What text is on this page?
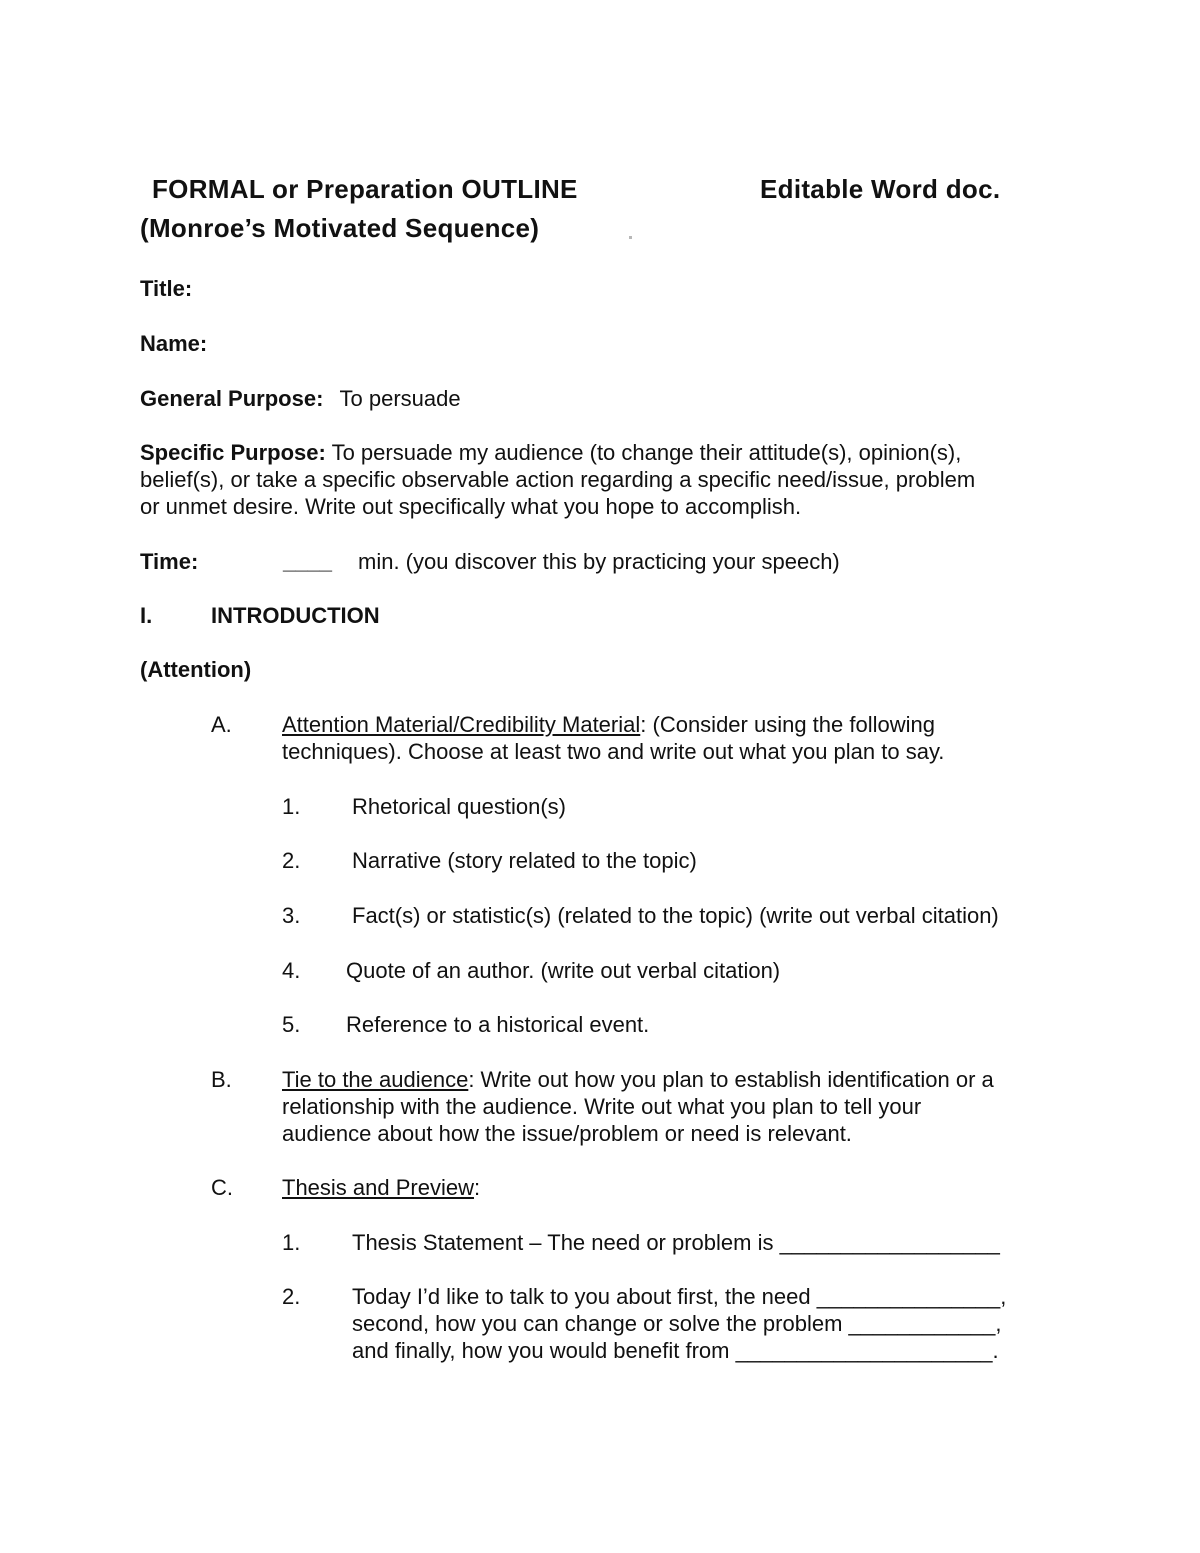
FORMAL or Preparation OUTLINE	Editable Word doc.
(Monroe’s Motivated Sequence)
Title:
Name:
General Purpose: To persuade
Specific Purpose: To persuade my audience (to change their attitude(s), opinion(s),
belief(s), or take a specific observable action regarding a specific need/issue, problem
or unmet desire. Write out specifically what you hope to accomplish.
Time:	____ min. (you discover this by practicing your speech)
I.	INTRODUCTION
(Attention)
A. Attention Material/Credibility Material: (Consider using the following
techniques). Choose at least two and write out what you plan to say.
1. Rhetorical question(s)
2. Narrative (story related to the topic)
3. Fact(s) or statistic(s) (related to the topic) (write out verbal citation)
4. Quote of an author. (write out verbal citation)
5. Reference to a historical event.
B. Tie to the audience: Write out how you plan to establish identification or a
relationship with the audience. Write out what you plan to tell your
audience about how the issue/problem or need is relevant.
C. Thesis and Preview:
1. Thesis Statement – The need or problem is __________________
2. Today I’d like to talk to you about first, the need _______________,
second, how you can change or solve the problem ____________,
and finally, how you would benefit from _____________________.
